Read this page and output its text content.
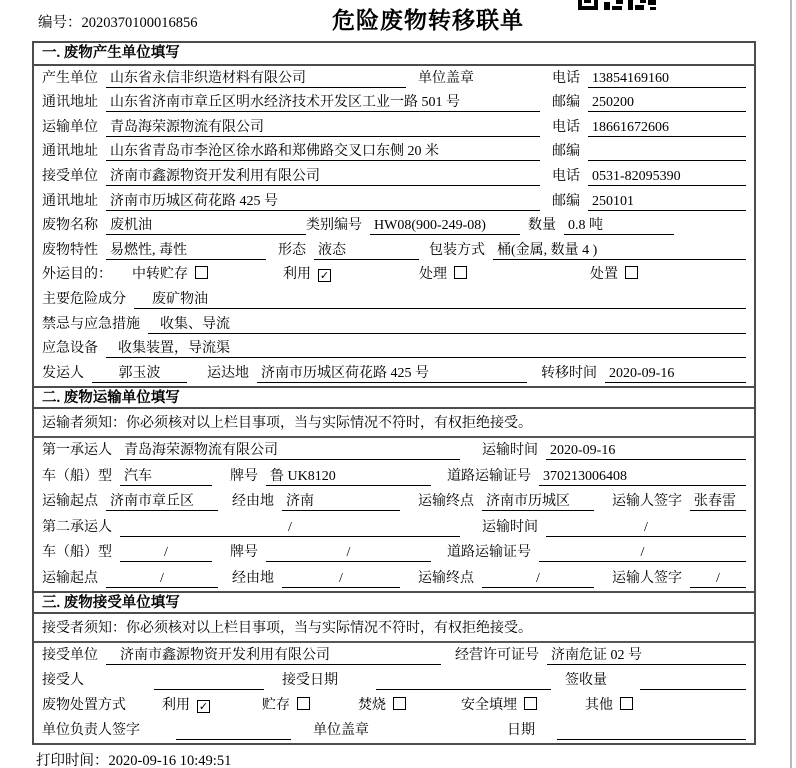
编号：2020370100016856	危险废物转移联单
一. 废物产生单位填写
产生单位 山东省永信非织造材料有限公司	单位盖章	电话 13854169160
通讯地址 山东省济南市章丘区明水经济技术开发区工业一路 501 号	邮编 250200
运输单位 青岛海荣源物流有限公司	电话 18661672606
通讯地址 山东省青岛市李沧区徐水路和郑佛路交叉口东侧 20 米	邮编
接受单位 济南市鑫源物资开发利用有限公司	电话 0531-82095390
通讯地址 济南市历城区荷花路 425 号	邮编 250101
废物名称 废机油	类别编号 HW08(900-249-08)	数量 0.8 吨
废物特性 易燃性, 毒性	形态 液态	包装方式 桶(金属, 数量 4 )
外运目的： 中转贮存	利用 ✓	处理	处置
主要危险成分	废矿物油
禁忌与应急措施	收集、导流
应急设备	收集装置，导流渠
发运人	郭玉波	运达地 济南市历城区荷花路 425 号	转移时间 2020-09-16
二. 废物运输单位填写
运输者须知：你必须核对以上栏目事项，当与实际情况不符时，有权拒绝接受。
第一承运人 青岛海荣源物流有限公司	运输时间 2020-09-16
车（船）型 汽车	牌号 鲁 UK8120	道路运输证号 370213006408
运输起点 济南市章丘区	经由地 济南	运输终点 济南市历城区	运输人签字 张春雷
第二承运人	/	运输时间	/
车（船）型	/	牌号	/	道路运输证号	/
运输起点	/	经由地	/	运输终点	/	运输人签字	/
三. 废物接受单位填写
接受者须知：你必须核对以上栏目事项，当与实际情况不符时，有权拒绝接受。
接受单位	济南市鑫源物资开发利用有限公司	经营许可证号 济南危证 02 号
接受人	接受日期	签收量
废物处置方式	利用 ✓	贮存	焚烧	安全填埋	其他
单位负责人签字	单位盖章	日期
打印时间：2020-09-16 10:49:51
